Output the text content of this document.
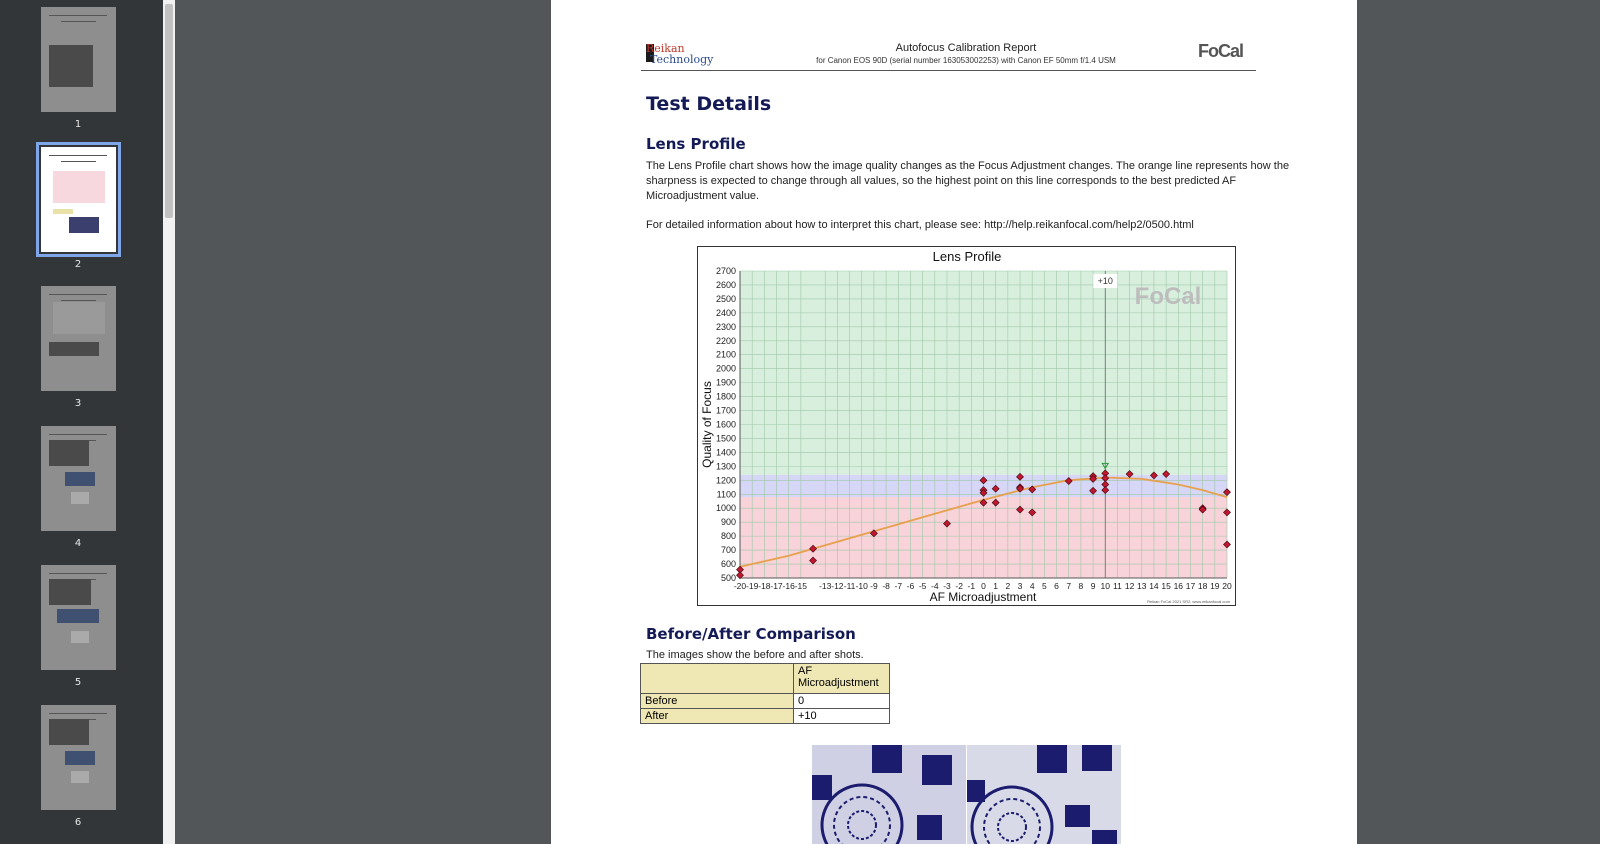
1
2
3
4
5
6
Reikan
Technology
Autofocus Calibration Report
for Canon EOS 90D (serial number 163053002253) with Canon EF 50mm f/1.4 USM	FoCal
Test Details
Lens Profile

The Lens Profile chart shows how the image quality changes as the Focus Adjustment changes. The orange line represents how the sharpness is expected to change through all values, so the highest point on this line corresponds to the best predicted AF Microadjustment value.

For detailed information about how to interpret this chart, please see: http://help.reikanfocal.com/help2/0500.html

500
600
700
800
900
1000
1100
1200
1300
1400
1500
1600
1700
1800
1900
2000
2100
2200
2300
2400
2500
2600
2700
-20 -19 -18 -17 -16 -15 -13 -12 -11 -10 -9 -8 -7 -6 -5 -4 -3 -2 -1 0 1 2 3 4 5 6 7 8 9 10 11 12 13 14 15 16 17 18 19 20
+10
FoCal
Lens Profile
AF Microadjustment
Quality of Focus
Reikan FoCal 2021 SR2, www.reikanfocal.com
Before/After Comparison

The images show the before and after shots.

	AF Microadjustment
Before	0
After	+10
